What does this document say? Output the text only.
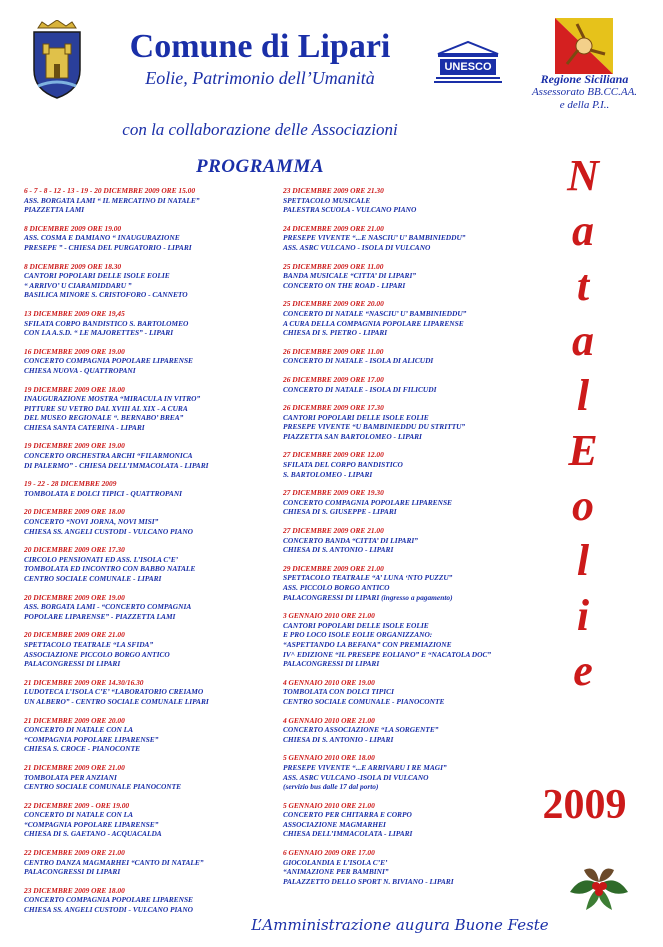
Comune di Lipari
Eolie, Patrimonio dell’Umanità
UNESCO
Regione Siciliana
Assessorato BB.CC.AA.
e della P.I..
con la collaborazione delle Associazioni
PROGRAMMA
6 - 7 - 8 - 12 - 13 - 19 - 20 DICEMBRE 2009 ORE 15.00
ASS. BORGATA LAMI “ IL MERCATINO DI NATALE”
PIAZZETTA LAMI
8 DICEMBRE 2009 ORE 19.00
ASS. COSMA E DAMIANO “ INAUGURAZIONE
PRESEPE ” - CHIESA DEL PURGATORIO - LIPARI
8 DICEMBRE 2009 ORE 18.30
CANTORI POPOLARI DELLE ISOLE EOLIE
“ ARRIVO’ U CIARAMIDDARU ”
BASILICA MINORE S. CRISTOFORO - CANNETO
13 DICEMBRE 2009 ORE 19,45
SFILATA CORPO BANDISTICO S. BARTOLOMEO
CON LA A.S.D. “ LE MAJORETTES” - LIPARI
16 DICEMBRE 2009 ORE 19.00
CONCERTO COMPAGNIA POPOLARE LIPARENSE
CHIESA NUOVA - QUATTROPANI
19 DICEMBRE 2009 ORE 18.00
INAUGURAZIONE MOSTRA “MIRACULA IN VITRO”
PITTURE SU VETRO DAL XVIII AL XIX - A CURA
DEL MUSEO REGIONALE “. BERNABO’ BREA”
CHIESA SANTA CATERINA - LIPARI
19 DICEMBRE 2009 ORE 19.00
CONCERTO ORCHESTRA ARCHI “FILARMONICA
DI PALERMO” - CHIESA DELL’IMMACOLATA - LIPARI
19 - 22 - 28 DICEMBRE 2009
TOMBOLATA E DOLCI TIPICI - QUATTROPANI
20 DICEMBRE 2009 ORE 18.00
CONCERTO “NOVI JORNA, NOVI MISI”
CHIESA SS. ANGELI CUSTODI - VULCANO PIANO
20 DICEMBRE 2009 ORE 17.30
CIRCOLO PENSIONATI ED ASS. L’ISOLA C’E’
TOMBOLATA ED INCONTRO CON BABBO NATALE
CENTRO SOCIALE COMUNALE - LIPARI
20 DICEMBRE 2009 ORE 19.00
ASS. BORGATA LAMI - “CONCERTO COMPAGNIA
POPOLARE LIPARENSE” - PIAZZETTA LAMI
20 DICEMBRE 2009 ORE 21.00
SPETTACOLO TEATRALE “LA SFIDA”
ASSOCIAZIONE PICCOLO BORGO ANTICO
PALACONGRESSI DI LIPARI
21 DICEMBRE 2009 ORE 14.30/16.30
LUDOTECA L’ISOLA C’E’ “LABORATORIO CREIAMO
UN ALBERO” - CENTRO SOCIALE COMUNALE LIPARI
21 DICEMBRE 2009 ORE 20.00
CONCERTO DI NATALE CON LA
“COMPAGNIA POPOLARE LIPARENSE”
CHIESA S. CROCE - PIANOCONTE
21 DICEMBRE 2009 ORE 21.00
TOMBOLATA PER ANZIANI
CENTRO SOCIALE COMUNALE PIANOCONTE
22 DICEMBRE 2009 - ORE 19.00
CONCERTO DI NATALE CON LA
“COMPAGNIA POPOLARE LIPARENSE”
CHIESA DI S. GAETANO - ACQUACALDA
22 DICEMBRE 2009 ORE 21.00
CENTRO DANZA MAGMARHEI “CANTO DI NATALE”
PALACONGRESSI DI LIPARI
23 DICEMBRE 2009 ORE 18.00
CONCERTO COMPAGNIA POPOLARE LIPARENSE
CHIESA SS. ANGELI CUSTODI - VULCANO PIANO
23 DICEMBRE 2009 ORE 21.30
SPETTACOLO MUSICALE
PALESTRA SCUOLA - VULCANO PIANO
24 DICEMBRE 2009 ORE 21.00
PRESEPE VIVENTE “...E NASCIU’ U’ BAMBINIEDDU”
ASS. ASRC VULCANO - ISOLA DI VULCANO
25 DICEMBRE 2009 ORE 11.00
BANDA MUSICALE “CITTA’ DI LIPARI”
CONCERTO ON THE ROAD - LIPARI
25 DICEMBRE 2009 ORE 20.00
CONCERTO DI NATALE “NASCIU’ U’ BAMBINIEDDU”
A CURA DELLA COMPAGNIA POPOLARE LIPARENSE
CHIESA DI S. PIETRO - LIPARI
26 DICEMBRE 2009 ORE 11.00
CONCERTO DI NATALE - ISOLA DI ALICUDI
26 DICEMBRE 2009 ORE 17.00
CONCERTO DI NATALE - ISOLA DI FILICUDI
26 DICEMBRE 2009 ORE 17.30
CANTORI POPOLARI DELLE ISOLE EOLIE
PRESEPE VIVENTE “U BAMBINIEDDU DU STRITTU”
PIAZZETTA SAN BARTOLOMEO - LIPARI
27 DICEMBRE 2009 ORE 12.00
SFILATA DEL CORPO BANDISTICO
S. BARTOLOMEO - LIPARI
27 DICEMBRE 2009 ORE 19.30
CONCERTO COMPAGNIA POPOLARE LIPARENSE
CHIESA DI S. GIUSEPPE - LIPARI
27 DICEMBRE 2009 ORE 21.00
CONCERTO BANDA “CITTA’ DI LIPARI”
CHIESA DI S. ANTONIO - LIPARI
29 DICEMBRE 2009 ORE 21.00
SPETTACOLO TEATRALE “A’ LUNA ‘NTO PUZZU”
ASS. PICCOLO BORGO ANTICO
PALACONGRESSI DI LIPARI (ingresso a pagamento)
3 GENNAIO 2010 ORE 21.00
CANTORI POPOLARI DELLE ISOLE EOLIE
E PRO LOCO ISOLE EOLIE ORGANIZZANO:
“ASPETTANDO LA BEFANA” CON PREMIAZIONE
IV^ EDIZIONE “IL PRESEPE EOLIANO” E “NACATOLA DOC”
PALACONGRESSI DI LIPARI
4 GENNAIO 2010 ORE 19.00
TOMBOLATA CON DOLCI TIPICI
CENTRO SOCIALE COMUNALE - PIANOCONTE
4 GENNAIO 2010 ORE 21.00
CONCERTO ASSOCIAZIONE “LA SORGENTE”
CHIESA DI S. ANTONIO - LIPARI
5 GENNAIO 2010 ORE 18.00
PRESEPE VIVENTE “...E ARRIVARU I RE MAGI”
ASS. ASRC VULCANO -ISOLA DI VULCANO
(servizio bus dalle 17 dal porto)
5 GENNAIO 2010 ORE 21.00
CONCERTO PER CHITARRA E CORPO
ASSOCIAZIONE MAGMARHEI
CHIESA DELL’IMMACOLATA - LIPARI
6 GENNAIO 2009 ORE 17.00
GIOCOLANDIA E L’ISOLA C’E’
“ANIMAZIONE PER BAMBINI”
PALAZZETTO DELLO SPORT N. BIVIANO - LIPARI
N
a
t
a
l
E
o
l
i
e
2009
L’Amministrazione augura Buone Feste
